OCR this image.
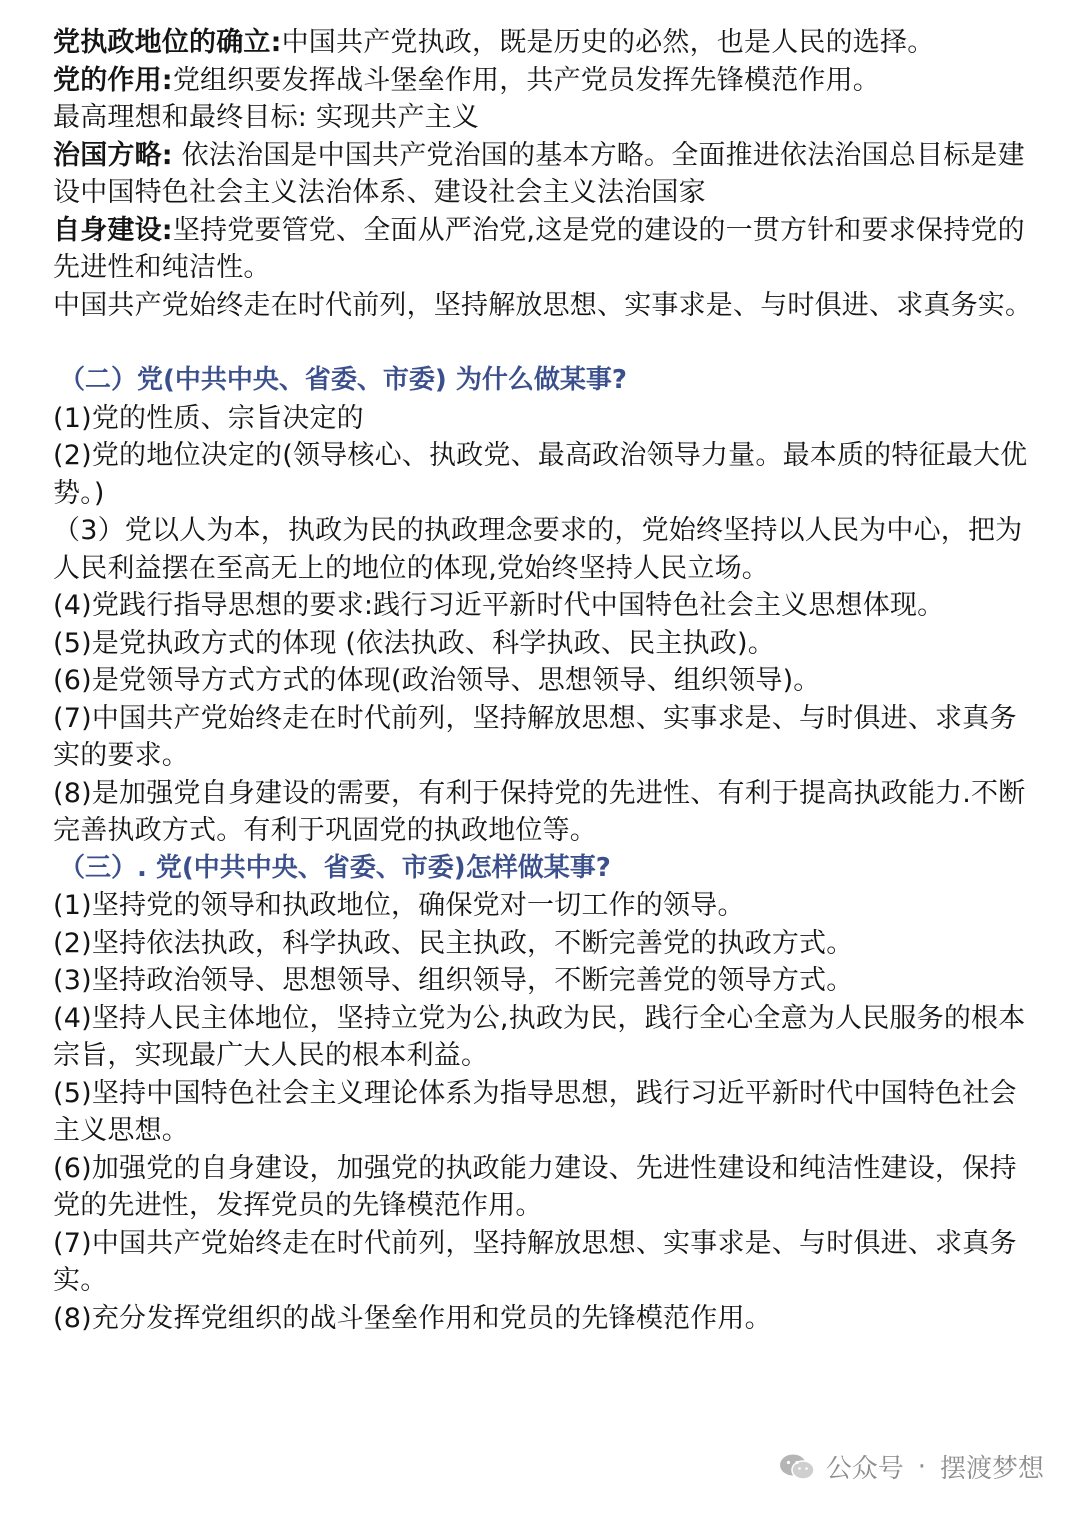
党执政地位的确立:中国共产党执政，既是历史的必然，也是人民的选择。

党的作用:党组织要发挥战斗堡垒作用，共产党员发挥先锋模范作用。

最高理想和最终目标: 实现共产主义

治国方略: 依法治国是中国共产党治国的基本方略。全面推进依法治国总目标是建设中国特色社会主义法治体系、建设社会主义法治国家

自身建设:坚持党要管党、全面从严治党,这是党的建设的一贯方针和要求保持党的先进性和纯洁性。

中国共产党始终走在时代前列，坚持解放思想、实事求是、与时俱进、求真务实。

（二）党(中共中央、省委、市委) 为什么做某事?

(1)党的性质、宗旨决定的

(2)党的地位决定的(领导核心、执政党、最高政治领导力量。最本质的特征最大优势。)

（3）党以人为本，执政为民的执政理念要求的，党始终坚持以人民为中心，把为人民利益摆在至高无上的地位的体现,党始终坚持人民立场。

(4)党践行指导思想的要求:践行习近平新时代中国特色社会主义思想体现。

(5)是党执政方式的体现 (依法执政、科学执政、民主执政)。

(6)是党领导方式方式的体现(政治领导、思想领导、组织领导)。

(7)中国共产党始终走在时代前列，坚持解放思想、实事求是、与时俱进、求真务实的要求。

(8)是加强党自身建设的需要，有利于保持党的先进性、有利于提高执政能力.不断完善执政方式。有利于巩固党的执政地位等。

（三）. 党(中共中央、省委、市委)怎样做某事?

(1)坚持党的领导和执政地位，确保党对一切工作的领导。

(2)坚持依法执政，科学执政、民主执政，不断完善党的执政方式。

(3)坚持政治领导、思想领导、组织领导，不断完善党的领导方式。

(4)坚持人民主体地位，坚持立党为公,执政为民，践行全心全意为人民服务的根本宗旨，实现最广大人民的根本利益。

(5)坚持中国特色社会主义理论体系为指导思想，践行习近平新时代中国特色社会主义思想。

(6)加强党的自身建设，加强党的执政能力建设、先进性建设和纯洁性建设，保持党的先进性，发挥党员的先锋模范作用。

(7)中国共产党始终走在时代前列，坚持解放思想、实事求是、与时俱进、求真务实。

(8)充分发挥党组织的战斗堡垒作用和党员的先锋模范作用。

公众号 · 摆渡梦想
